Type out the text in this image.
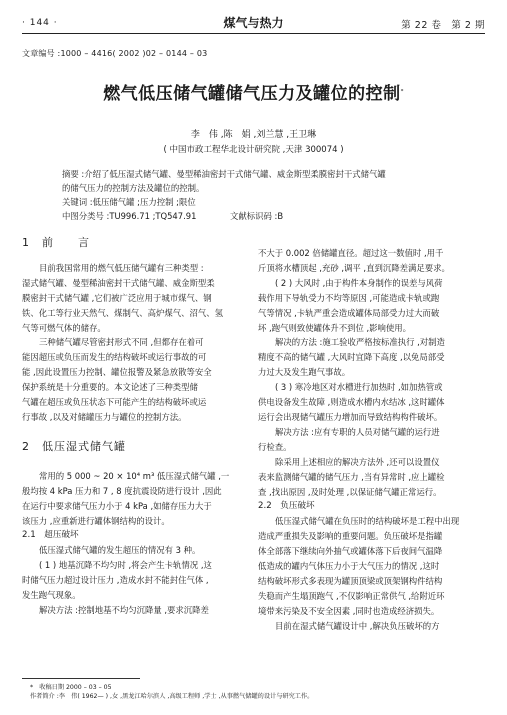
· 144 ·	煤气与热力	第 22 卷　第 2 期
文章编号 :1000 – 4416( 2002 )02 – 0144 – 03
燃气低压储气罐储气压力及罐位的控制*
李　伟 ,陈　娟 ,刘兰慧 ,王卫琳
( 中国市政工程华北设计研究院 ,天津 300074 )
摘要 :介绍了低压湿式储气罐、曼型稀油密封干式储气罐、威金斯型柔膜密封干式储气罐
的储气压力的控制方法及罐位的控制。
关键词 :低压储气罐 ;压力控制 ;限位
中图分类号 :TU996.71 ;TQ547.91	文献标识码 :B
1　前　　言
目前我国常用的燃气低压储气罐有三种类型 :
湿式储气罐、曼型稀油密封干式储气罐、威金斯型柔
膜密封干式储气罐 ,它们被广泛应用于城市煤气、钢
铁、化工等行业天然气、煤制气、高炉煤气、沼气、氢
气等可燃气体的储存。
三种储气罐尽管密封形式不同 ,但都存在着可
能因超压或负压而发生的结构破坏或运行事故的可
能 ,因此设置压力控制、罐位报警及紧急放散等安全
保护系统是十分重要的。本文论述了三种类型储
气罐在超压或负压状态下可能产生的结构破坏或运
行事故 ,以及对储罐压力与罐位的控制方法。
2　低压湿式储气罐
常用的 5 000 ~ 20 × 10⁴ m³ 低压湿式储气罐 ,一
般均按 4 kPa 压力和 7 , 8 度抗震设防进行设计 ,因此
在运行中要求储气压力小于 4 kPa ,如储存压力大于
该压力 ,应重新进行罐体钢结构的设计。
2.1　超压破坏
低压湿式储气罐的发生超压的情况有 3 种。
( 1 ) 地基沉降不均匀时 ,将会产生卡轨情况 ,这
时储气压力超过设计压力 ,造成水封不能封住气体 ,
发生跑气现象。
解决方法 :控制地基不均匀沉降量 ,要求沉降差
不大于 0.002 倍储罐直径。超过这一数值时 ,用千
斤顶将水槽顶起 ,充砂 ,调平 ,直到沉降差满足要求。
( 2 ) 大风时 ,由于构件本身制作的误差与风荷
载作用下导轨受力不均等原因 ,可能造成卡轨或跑
气等情况 ,卡轨严重会造成罐体局部受力过大而破
坏 ,跑气则致使罐体升不到位 ,影响使用。
解决的方法 :施工验收严格按标准执行 ,对制造
精度不高的储气罐 ,大风时宜降下高度 ,以免局部受
力过大及发生跑气事故。
( 3 ) 寒冷地区对水槽进行加热时 ,如加热管或
供电设备发生故障 ,则造成水槽内水结冰 ,这时罐体
运行会出现储气罐压力增加而导致结构构件破坏。
解决方法 :应有专职的人员对储气罐的运行进
行检查。
除采用上述相应的解决方法外 ,还可以设置仪
表来监测储气罐的储气压力 ,当有异常时 ,应上罐检
查 ,找出原因 ,及时处理 ,以保证储气罐正常运行。
2.2　负压破坏
低压湿式储气罐在负压时的结构破坏是工程中出现
造成严重损失及影响的重要问题。负压破坏是指罐
体全部落下继续向外抽气或罐体落下后夜间气温降
低造成的罐内气体压力小于大气压力的情况 ,这时
结构破坏形式多表现为罐顶顶梁或顶架钢构件结构
失稳而产生塌顶跑气 ,不仅影响正常供气 ,给附近环
境带来污染及不安全因素 ,同时也造成经济损失。
目前在湿式储气罐设计中 ,解决负压破坏的方
*　收稿日期 2000 – 03 – 05
作者简介 :李　伟( 1962— ) ,女 ,黑龙江哈尔滨人 ,高级工程师 ,学士 ,从事燃气储罐的设计与研究工作。
